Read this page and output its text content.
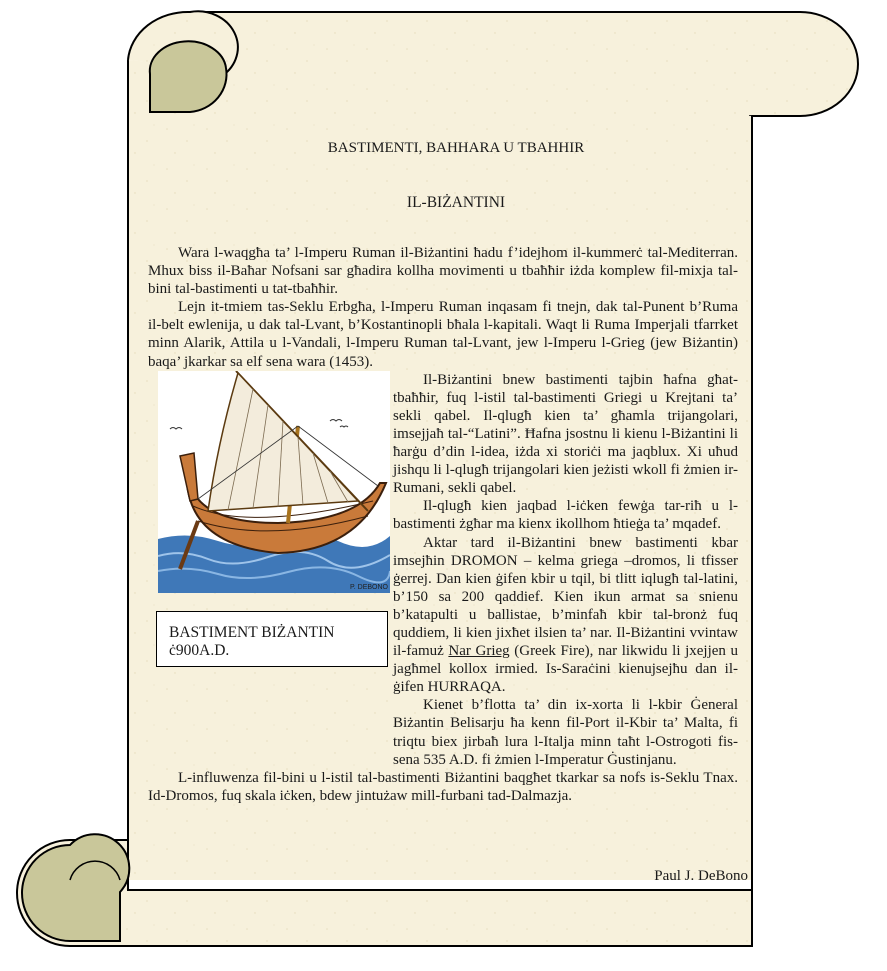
BASTIMENTI, BAHHARA U TBAHHIR
IL-BIŻANTINI

Wara l-waqgħa ta’ l-Imperu Ruman il-Biżantini ħadu f’idejhom il-kummerċ tal-Mediterran. Mhux biss il-Baħar Nofsani sar għadira kollha movimenti u tbaħħir iżda komplew fil-mixja tal-bini tal-bastimenti u tat-tbaħħir.

Lejn it-tmiem tas-Seklu Erbgħa, l-Imperu Ruman inqasam fi tnejn, dak tal-Punent b’Ruma il-belt ewlenija, u dak tal-Lvant, b’Kostantinopli bħala l-kapitali. Waqt li Ruma Imperjali tfarrket minn Alarik, Attila u l-Vandali, l-Imperu Ruman tal-Lvant, jew l-Imperu l-Grieg (jew Biżantin) baqa’ jkarkar sa elf sena wara (1453).

P. DEBONO
BASTIMENT BIŻANTIN
ċ900A.D.

Il-Biżantini bnew bastimenti tajbin ħafna għat-tbaħħir, fuq l-istil tal-bastimenti Griegi u Krejtani ta’ sekli qabel. Il-qlugħ kien ta’ għamla trijangolari, imsejjaħ tal-“Latini”. Ħafna jsostnu li kienu l-Biżantini li ħarġu d’din l-idea, iżda xi storiċi ma jaqblux. Xi uħud jishqu li l-qlugħ trijangolari kien jeżisti wkoll fi żmien ir-Rumani, sekli qabel.

Il-qlugħ kien jaqbad l-iċken fewġa tar-riħ u l-bastimenti żgħar ma kienx ikollhom ħtieġa ta’ mqadef.

Aktar tard il-Biżantini bnew bastimenti kbar imsejħin DROMON – kelma griega –dromos, li tfisser ġerrej. Dan kien ġifen kbir u tqil, bi tlitt iqlugħ tal-latini, b’150 sa 200 qaddief. Kien ikun armat sa snienu b’katapulti u ballistae, b’minfaħ kbir tal-bronż fuq quddiem, li kien jixħet ilsien ta’ nar. Il-Biżantini vvintaw il-famuż Nar Grieg (Greek Fire), nar likwidu li jxejjen u jagħmel kollox irmied. Is-Saraċini kienujsejħu dan il-ġifen HURRAQA.

Kienet b’flotta ta’ din ix-xorta li l-kbir Ġeneral Biżantin Belisarju ħa kenn fil-Port il-Kbir ta’ Malta, fi triqtu biex jirbaħ lura l-Italja minn taħt l-Ostrogoti fis-sena 535 A.D. fi żmien l-Imperatur Ġustinjanu.

L-influwenza fil-bini u l-istil tal-bastimenti Biżantini baqgħet tkarkar sa nofs is-Seklu Tnax. Id-Dromos, fuq skala iċken, bdew jintużaw mill-furbani tad-Dalmazja.

Paul J. DeBono
